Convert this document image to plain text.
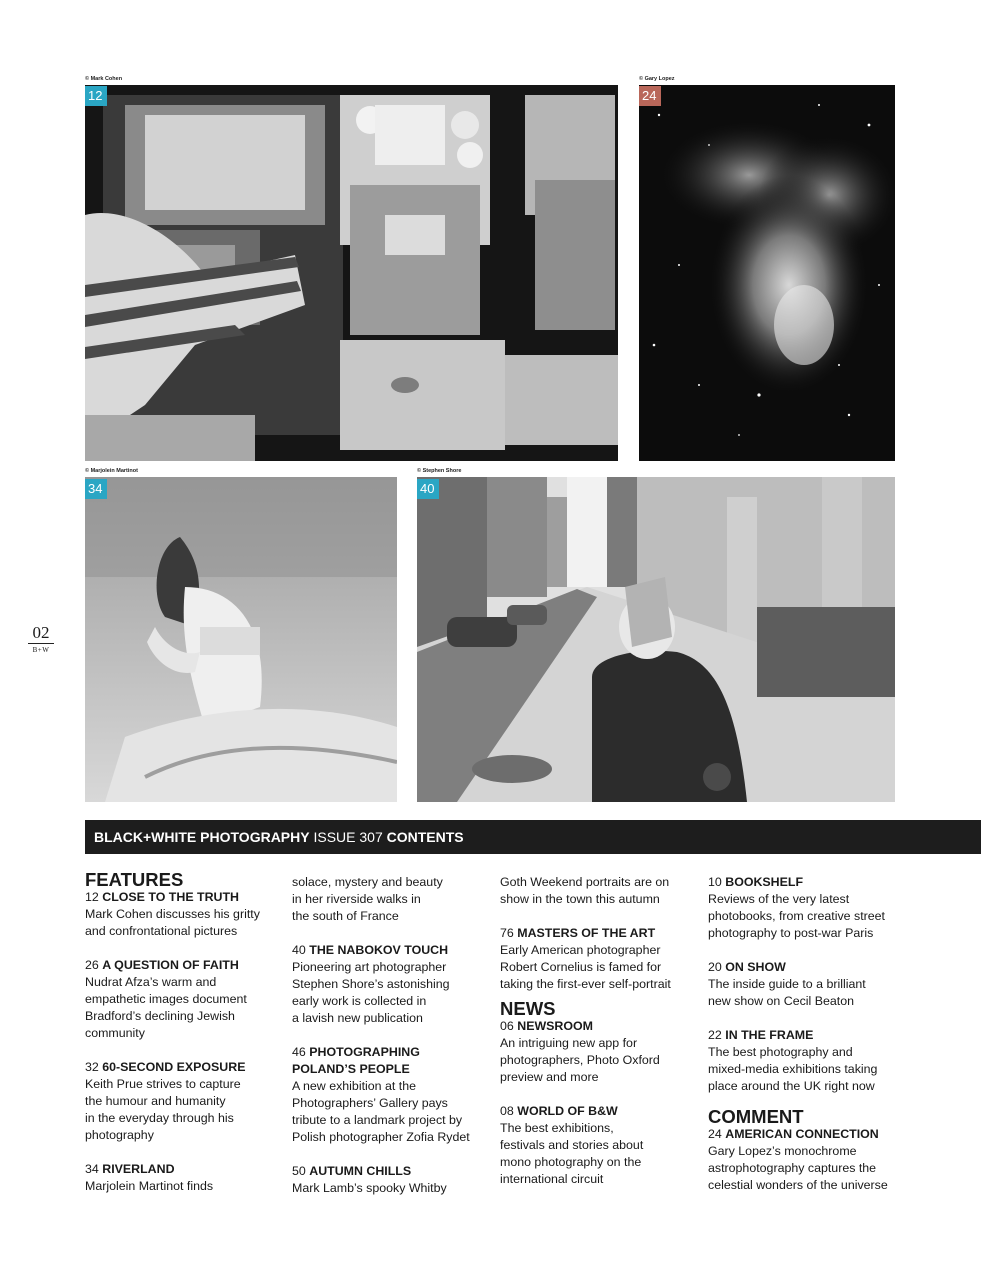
© Mark Cohen
12
© Gary Lopez
24
© Marjolein Martinot
34
© Stephen Shore
40
02
B+W
BLACK+WHITE PHOTOGRAPHY ISSUE 307 CONTENTS
FEATURES
12 CLOSE TO THE TRUTH

Mark Cohen discusses his gritty
and confrontational pictures

26 A QUESTION OF FAITH

Nudrat Afza’s warm and
empathetic images document
Bradford’s declining Jewish
community

32 60-SECOND EXPOSURE

Keith Prue strives to capture
the humour and humanity
in the everyday through his
photography

34 RIVERLAND

Marjolein Martinot finds

solace, mystery and beauty
in her riverside walks in
the south of France
40 THE NABOKOV TOUCH

Pioneering art photographer
Stephen Shore’s astonishing
early work is collected in
a lavish new publication

46 PHOTOGRAPHING
POLAND’S PEOPLE

A new exhibition at the
Photographers’ Gallery pays
tribute to a landmark project by
Polish photographer Zofia Rydet

50 AUTUMN CHILLS

Mark Lamb’s spooky Whitby

Goth Weekend portraits are on
show in the town this autumn
76 MASTERS OF THE ART

Early American photographer
Robert Cornelius is famed for
taking the first-ever self-portrait

NEWS
06 NEWSROOM

An intriguing new app for
photographers, Photo Oxford
preview and more

08 WORLD OF B&W

The best exhibitions,
festivals and stories about
mono photography on the
international circuit

10 BOOKSHELF

Reviews of the very latest
photobooks, from creative street
photography to post-war Paris

20 ON SHOW

The inside guide to a brilliant
new show on Cecil Beaton

22 IN THE FRAME

The best photography and
mixed-media exhibitions taking
place around the UK right now

COMMENT
24 AMERICAN CONNECTION

Gary Lopez’s monochrome
astrophotography captures the
celestial wonders of the universe
